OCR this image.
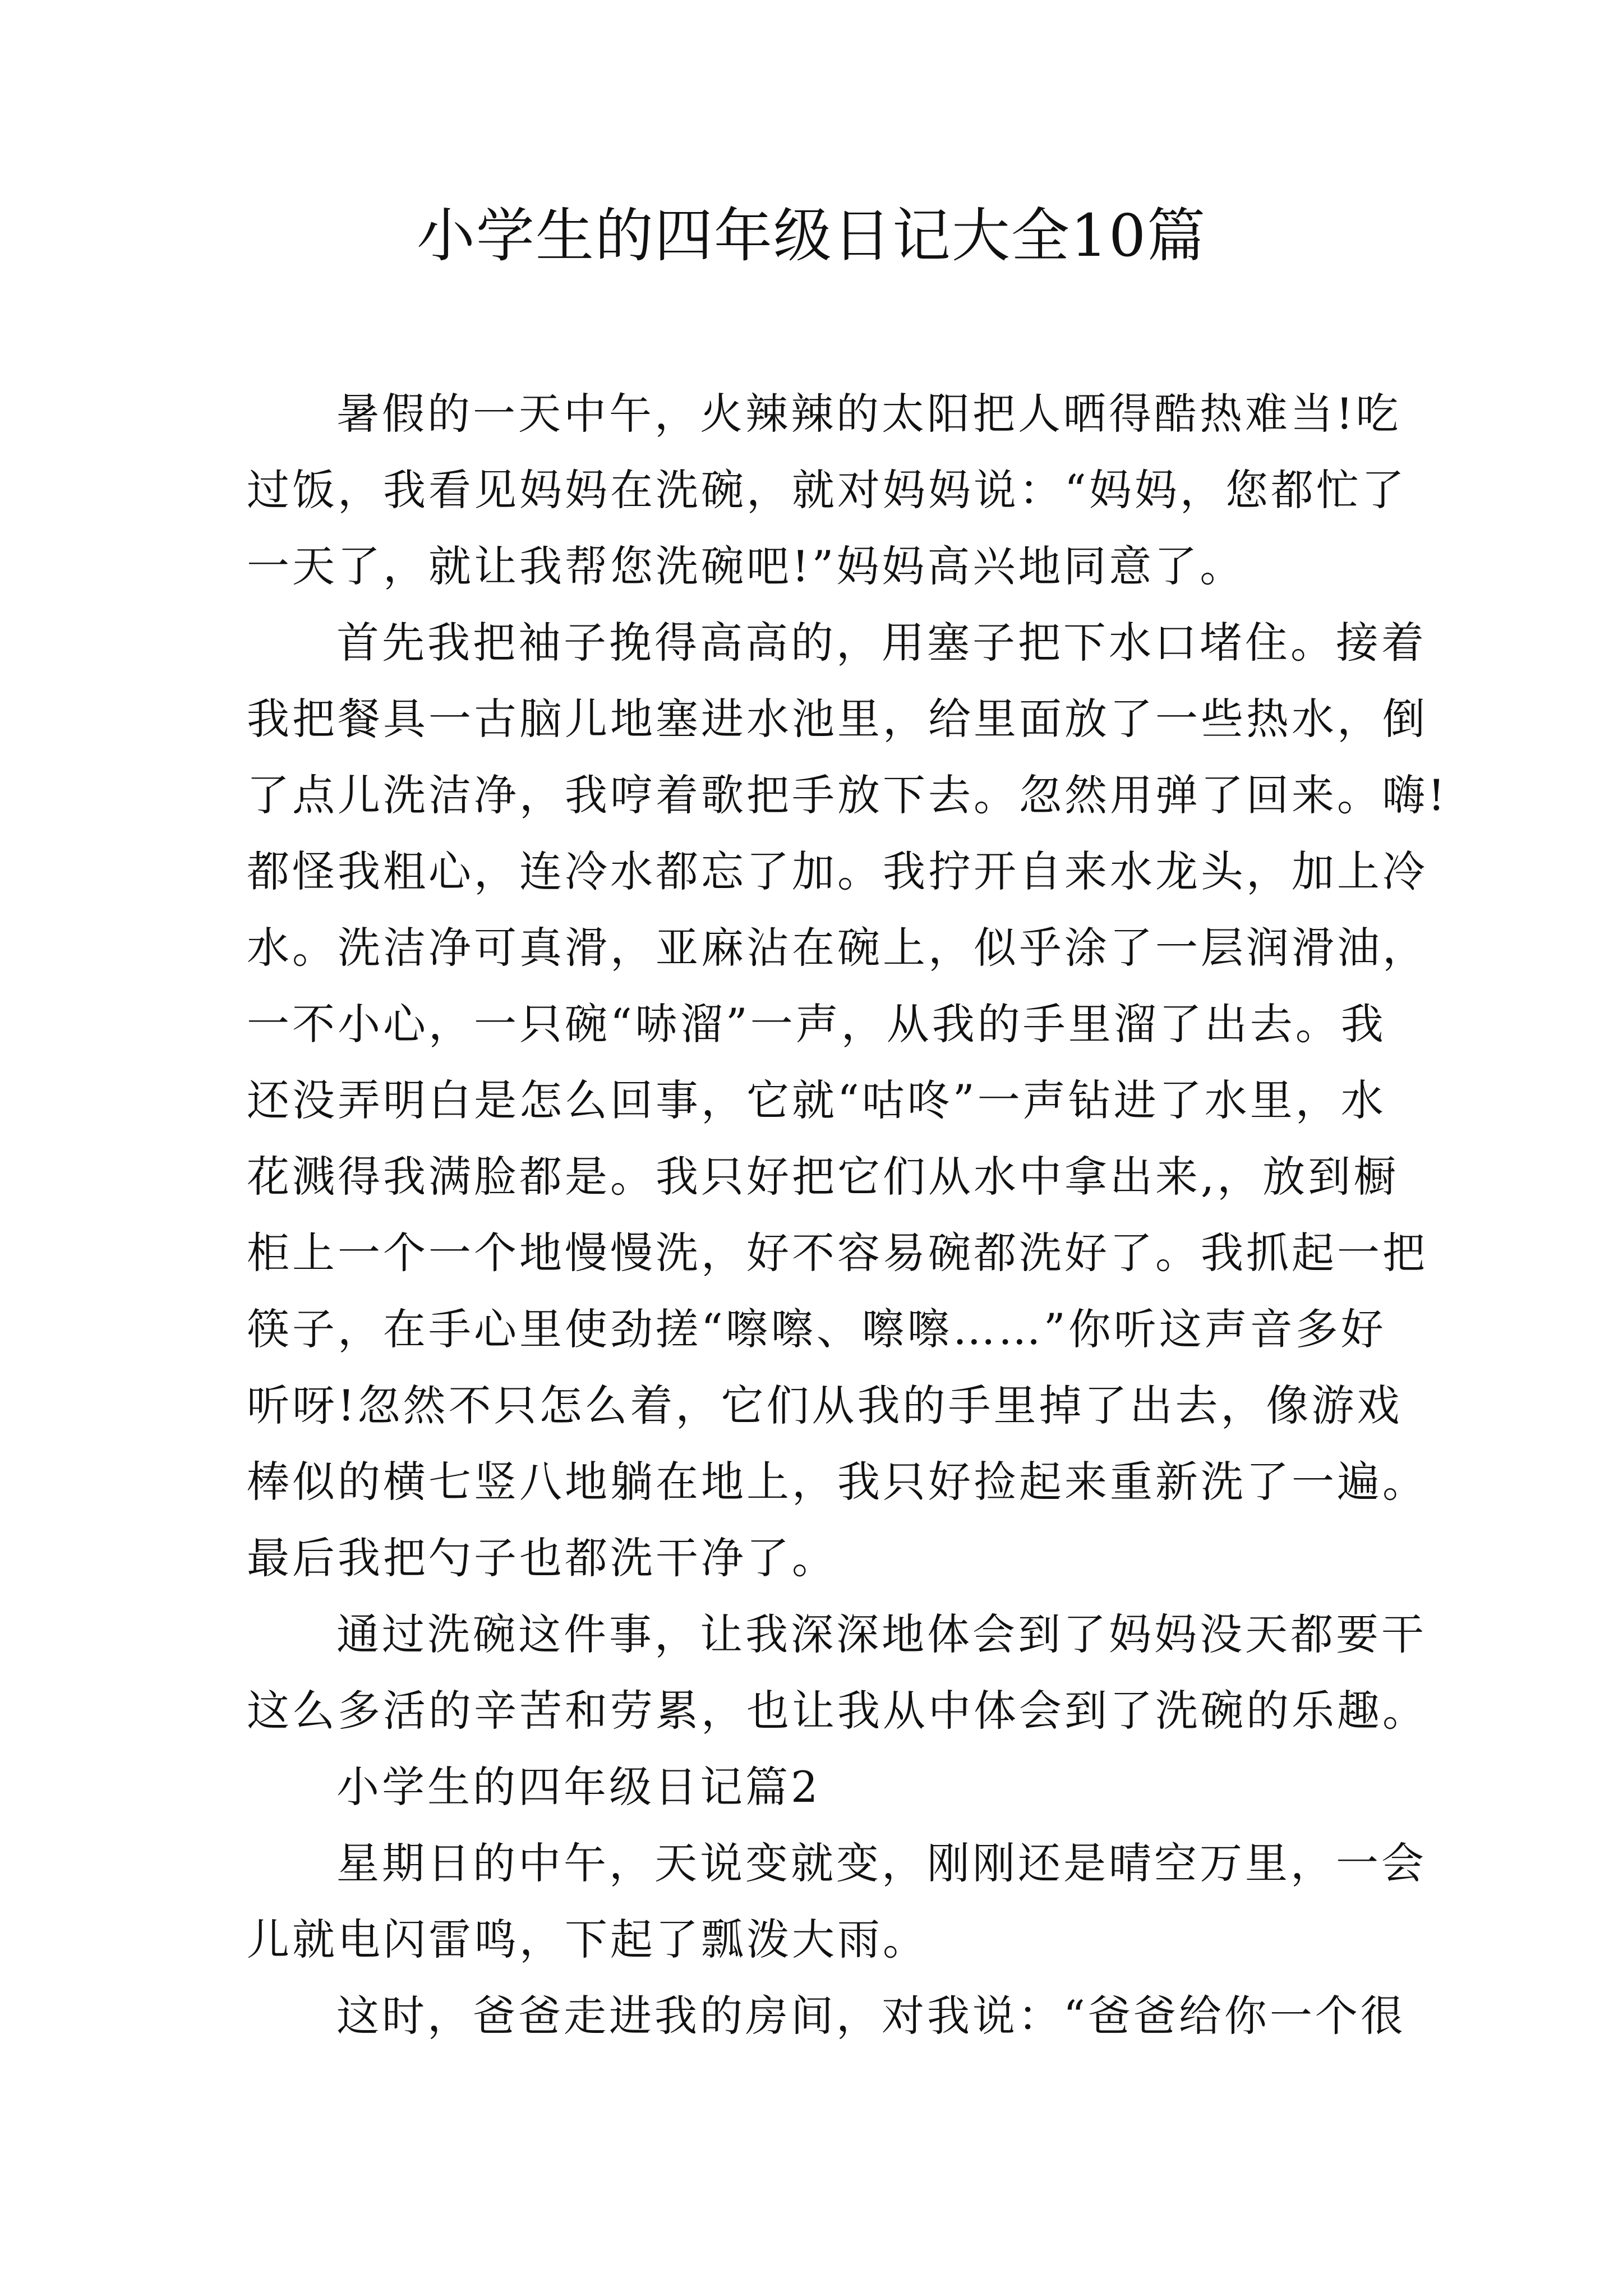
小学生的四年级日记大全10篇
暑假的一天中午，火辣辣的太阳把人晒得酷热难当!吃
过饭，我看见妈妈在洗碗，就对妈妈说：“妈妈，您都忙了
一天了，就让我帮您洗碗吧!”妈妈高兴地同意了。
首先我把袖子挽得高高的，用塞子把下水口堵住。接着
我把餐具一古脑儿地塞进水池里，给里面放了一些热水，倒
了点儿洗洁净，我哼着歌把手放下去。忽然用弹了回来。嗨!
都怪我粗心，连冷水都忘了加。我拧开自来水龙头，加上冷
水。洗洁净可真滑，亚麻沾在碗上，似乎涂了一层润滑油，
一不小心，一只碗“哧溜”一声，从我的手里溜了出去。我
还没弄明白是怎么回事，它就“咕咚”一声钻进了水里，水
花溅得我满脸都是。我只好把它们从水中拿出来,，放到橱
柜上一个一个地慢慢洗，好不容易碗都洗好了。我抓起一把
筷子，在手心里使劲搓“嚓嚓、嚓嚓……”你听这声音多好
听呀!忽然不只怎么着，它们从我的手里掉了出去，像游戏
棒似的横七竖八地躺在地上，我只好捡起来重新洗了一遍。
最后我把勺子也都洗干净了。
通过洗碗这件事，让我深深地体会到了妈妈没天都要干
这么多活的辛苦和劳累，也让我从中体会到了洗碗的乐趣。
小学生的四年级日记篇2
星期日的中午，天说变就变，刚刚还是晴空万里，一会
儿就电闪雷鸣，下起了瓢泼大雨。
这时，爸爸走进我的房间，对我说：“爸爸给你一个很
